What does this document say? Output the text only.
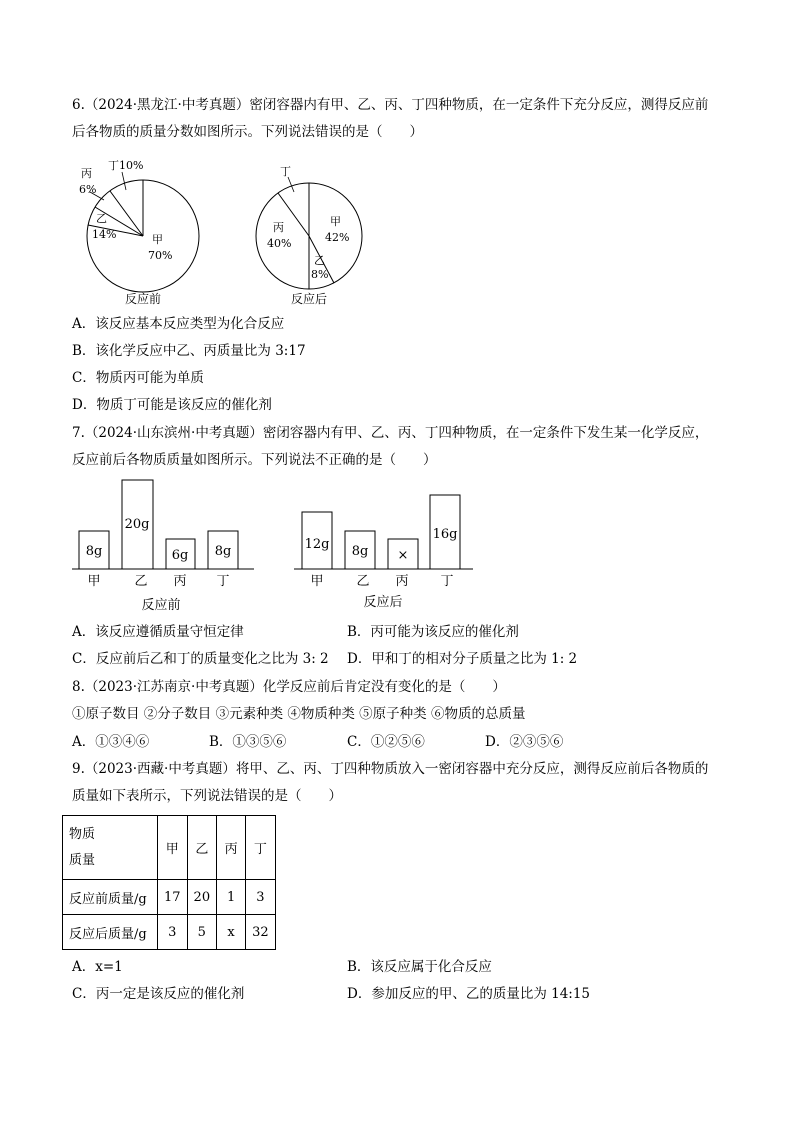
6.（2024·黑龙江·中考真题）密闭容器内有甲、乙、丙、丁四种物质，在一定条件下充分反应，测得反应前
后各物质的质量分数如图所示。下列说法错误的是（　　）
丁10%
丙
6%
乙
14%	甲
70%
反应前
丁
丙
40%
甲
42%
乙
8%
反应后
A．该反应基本反应类型为化合反应
B．该化学反应中乙、丙质量比为 3:17
C．物质丙可能为单质
D．物质丁可能是该反应的催化剂
7.（2024·山东滨州·中考真题）密闭容器内有甲、乙、丙、丁四种物质，在一定条件下发生某一化学反应，
反应前后各物质质量如图所示。下列说法不正确的是（　　）
8g
20g
6g 8g
甲	乙 丙 丁
反应前
12g 8g ×
16g
甲	乙 丙 丁
反应后
A．该反应遵循质量守恒定律	B．丙可能为该反应的催化剂
C．反应前后乙和丁的质量变化之比为 3: 2 D．甲和丁的相对分子质量之比为 1: 2
8.（2023·江苏南京·中考真题）化学反应前后肯定没有变化的是（　　）
①原子数目 ②分子数目 ③元素种类 ④物质种类 ⑤原子种类 ⑥物质的总质量
A．①③④⑥	B．①③⑤⑥	C．①②⑤⑥	D．②③⑤⑥
9.（2023·西藏·中考真题）将甲、乙、丙、丁四种物质放入一密闭容器中充分反应，测得反应前后各物质的
质量如下表所示，下列说法错误的是（　　）
物质
质量	甲	乙	丙	丁
反应前质量/g	17	20	1	3
反应后质量/g	3	5	x	32
A．x=1	B．该反应属于化合反应
C．丙一定是该反应的催化剂	D．参加反应的甲、乙的质量比为 14:15
